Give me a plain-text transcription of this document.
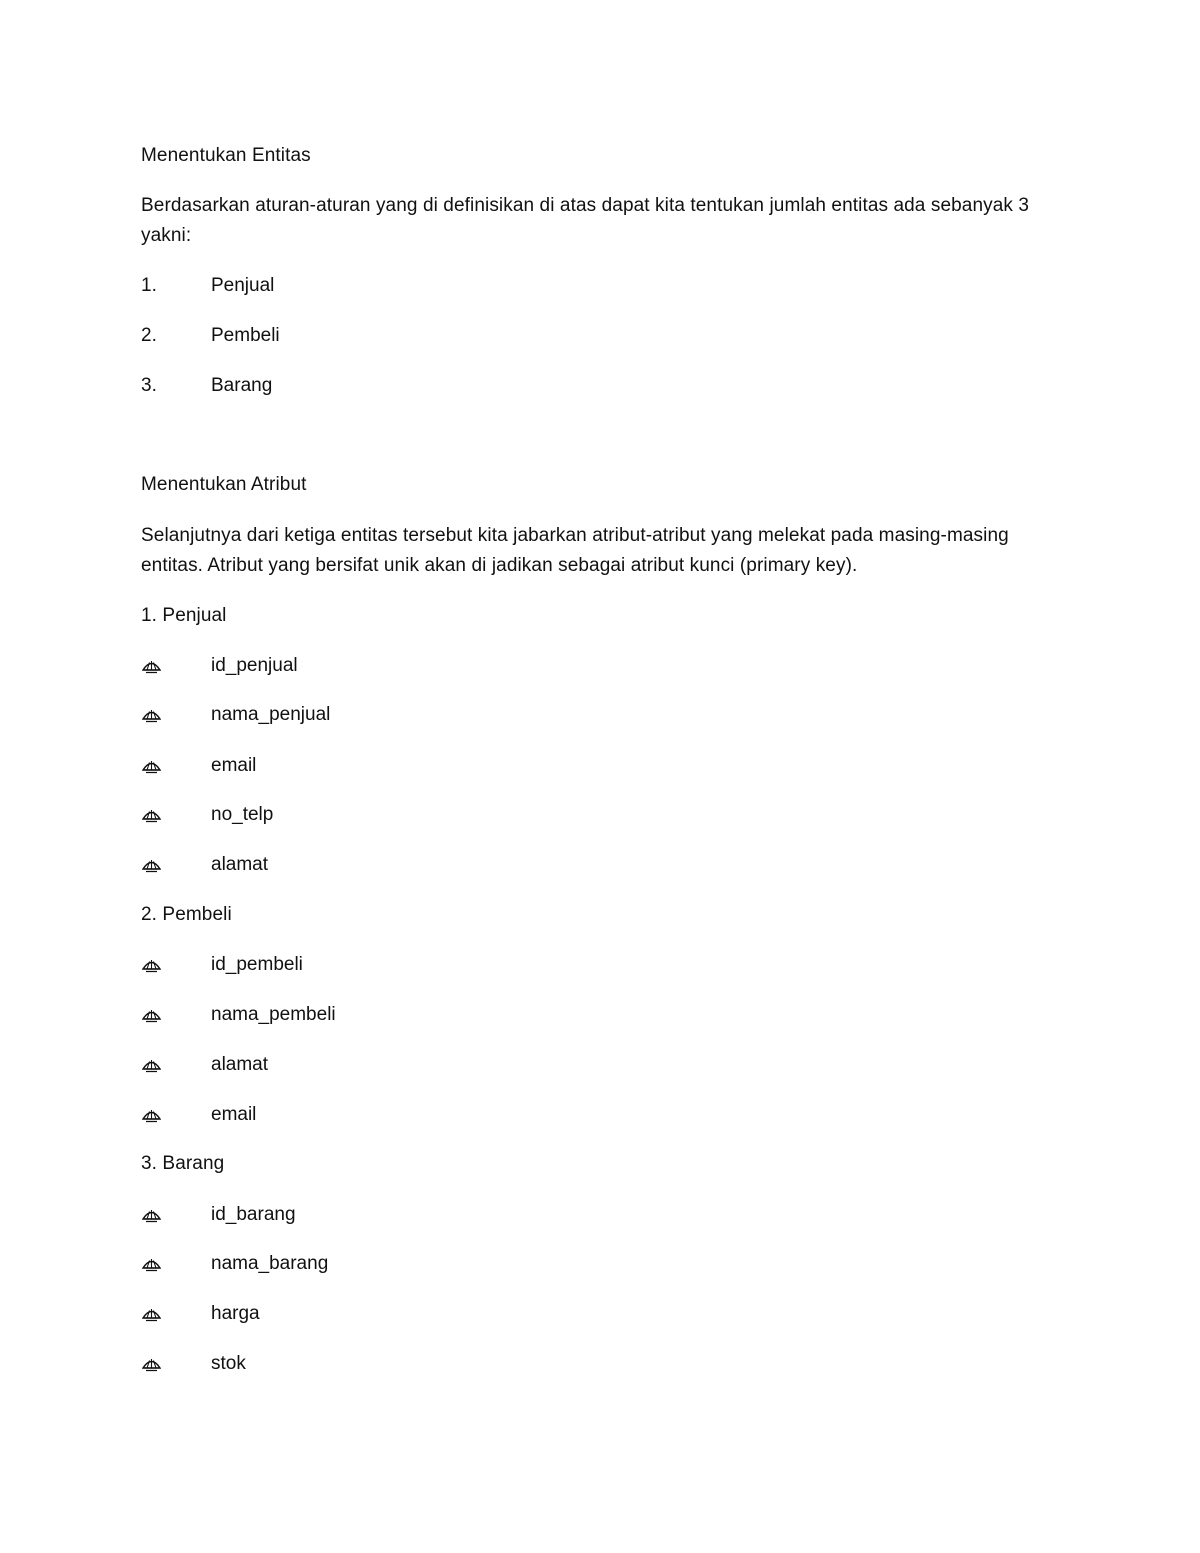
Menentukan Entitas
Berdasarkan aturan-aturan yang di definisikan di atas dapat kita tentukan jumlah entitas ada sebanyak 3 yakni:
1.	Penjual
2.	Pembeli
3.	Barang
Menentukan Atribut
Selanjutnya dari ketiga entitas tersebut kita jabarkan atribut-atribut yang melekat pada masing-masing entitas. Atribut yang bersifat unik akan di jadikan sebagai atribut kunci (primary key).
1. Penjual
id_penjual
nama_penjual
email
no_telp
alamat
2. Pembeli
id_pembeli
nama_pembeli
alamat
email
3. Barang
id_barang
nama_barang
harga
stok
